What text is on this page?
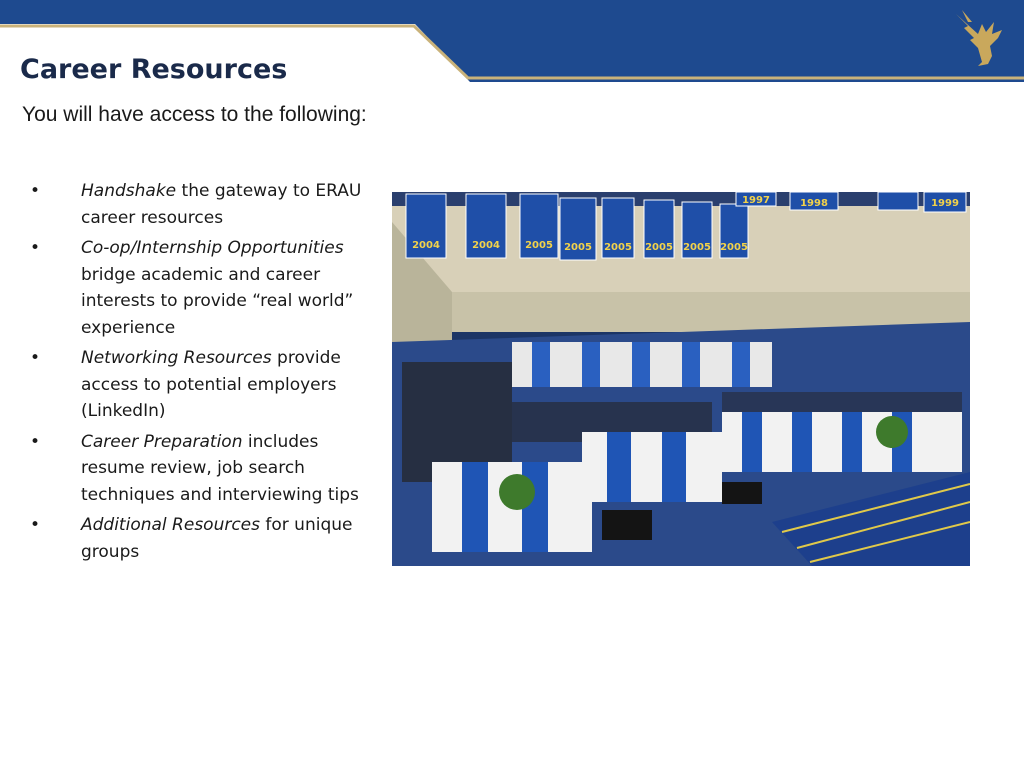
Career Resources
You will have access to the following:
• Handshake the gateway to ERAU career resources
• Co-op/Internship Opportunities bridge academic and career interests to provide “real world” experience
• Networking Resources provide access to potential employers (LinkedIn)
• Career Preparation includes resume review, job search techniques and interviewing tips
• Additional Resources for unique groups
2004	2004	2005 2005 2005 2005 2005 2005
1997	1998	1999
